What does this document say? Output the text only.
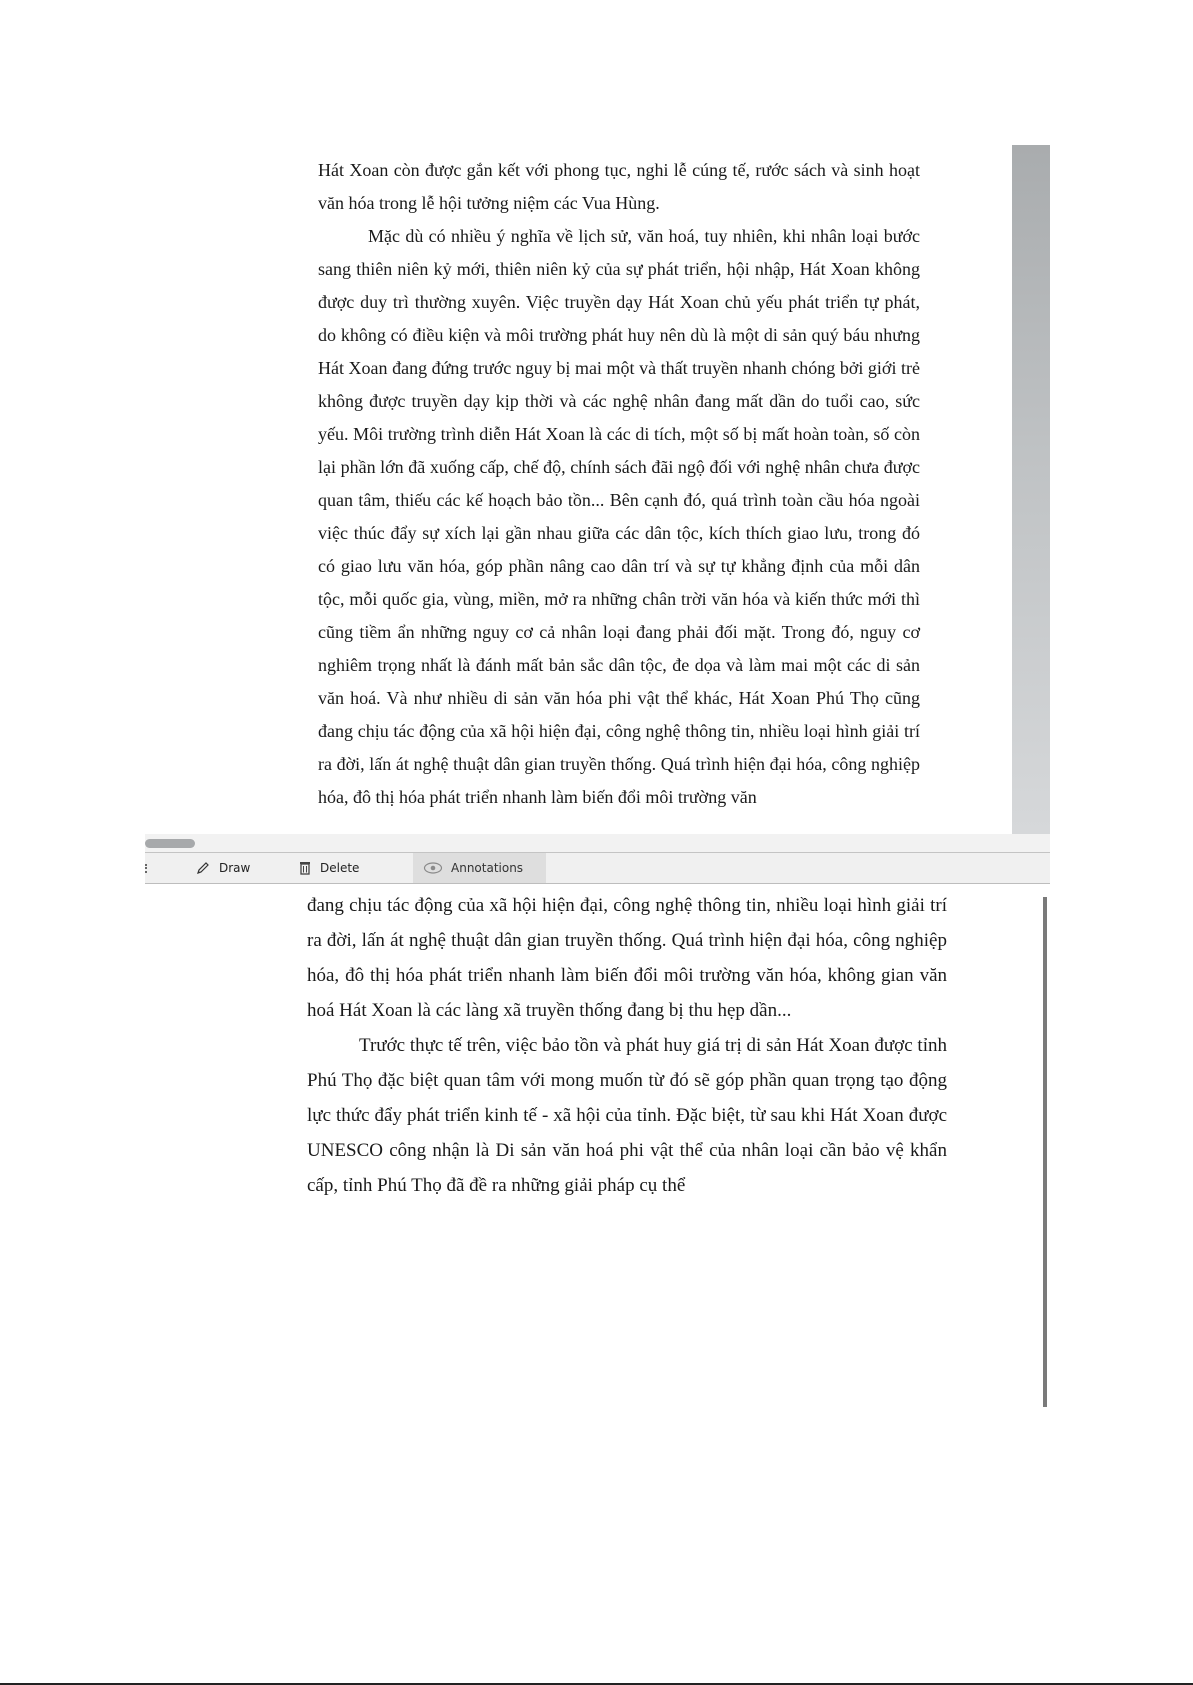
Hát Xoan còn được gắn kết với phong tục, nghi lễ cúng tế, rước sách và sinh hoạt văn hóa trong lễ hội tưởng niệm các Vua Hùng.

Mặc dù có nhiều ý nghĩa về lịch sử, văn hoá, tuy nhiên, khi nhân loại bước sang thiên niên kỷ mới, thiên niên kỷ của sự phát triển, hội nhập, Hát Xoan không được duy trì thường xuyên. Việc truyền dạy Hát Xoan chủ yếu phát triển tự phát, do không có điều kiện và môi trường phát huy nên dù là một di sản quý báu nhưng Hát Xoan đang đứng trước nguy bị mai một và thất truyền nhanh chóng bởi giới trẻ không được truyền dạy kịp thời và các nghệ nhân đang mất dần do tuổi cao, sức yếu. Môi trường trình diễn Hát Xoan là các di tích, một số bị mất hoàn toàn, số còn lại phần lớn đã xuống cấp, chế độ, chính sách đãi ngộ đối với nghệ nhân chưa được quan tâm, thiếu các kế hoạch bảo tồn... Bên cạnh đó, quá trình toàn cầu hóa ngoài việc thúc đẩy sự xích lại gần nhau giữa các dân tộc, kích thích giao lưu, trong đó có giao lưu văn hóa, góp phần nâng cao dân trí và sự tự khẳng định của mỗi dân tộc, mỗi quốc gia, vùng, miền, mở ra những chân trời văn hóa và kiến thức mới thì cũng tiềm ẩn những nguy cơ cả nhân loại đang phải đối mặt. Trong đó, nguy cơ nghiêm trọng nhất là đánh mất bản sắc dân tộc, đe dọa và làm mai một các di sản văn hoá. Và như nhiều di sản văn hóa phi vật thể khác, Hát Xoan Phú Thọ cũng đang chịu tác động của xã hội hiện đại, công nghệ thông tin, nhiều loại hình giải trí ra đời, lấn át nghệ thuật dân gian truyền thống. Quá trình hiện đại hóa, công nghiệp hóa, đô thị hóa phát triển nhanh làm biến đổi môi trường văn

Draw	Delete	Annotations

đang chịu tác động của xã hội hiện đại, công nghệ thông tin, nhiều loại hình giải trí ra đời, lấn át nghệ thuật dân gian truyền thống. Quá trình hiện đại hóa, công nghiệp hóa, đô thị hóa phát triển nhanh làm biến đổi môi trường văn hóa, không gian văn hoá Hát Xoan là các làng xã truyền thống đang bị thu hẹp dần...

Trước thực tế trên, việc bảo tồn và phát huy giá trị di sản Hát Xoan được tỉnh Phú Thọ đặc biệt quan tâm với mong muốn từ đó sẽ góp phần quan trọng tạo động lực thức đẩy phát triển kinh tế - xã hội của tỉnh. Đặc biệt, từ sau khi Hát Xoan được UNESCO công nhận là Di sản văn hoá phi vật thể của nhân loại cần bảo vệ khẩn cấp, tỉnh Phú Thọ đã đề ra những giải pháp cụ thể
